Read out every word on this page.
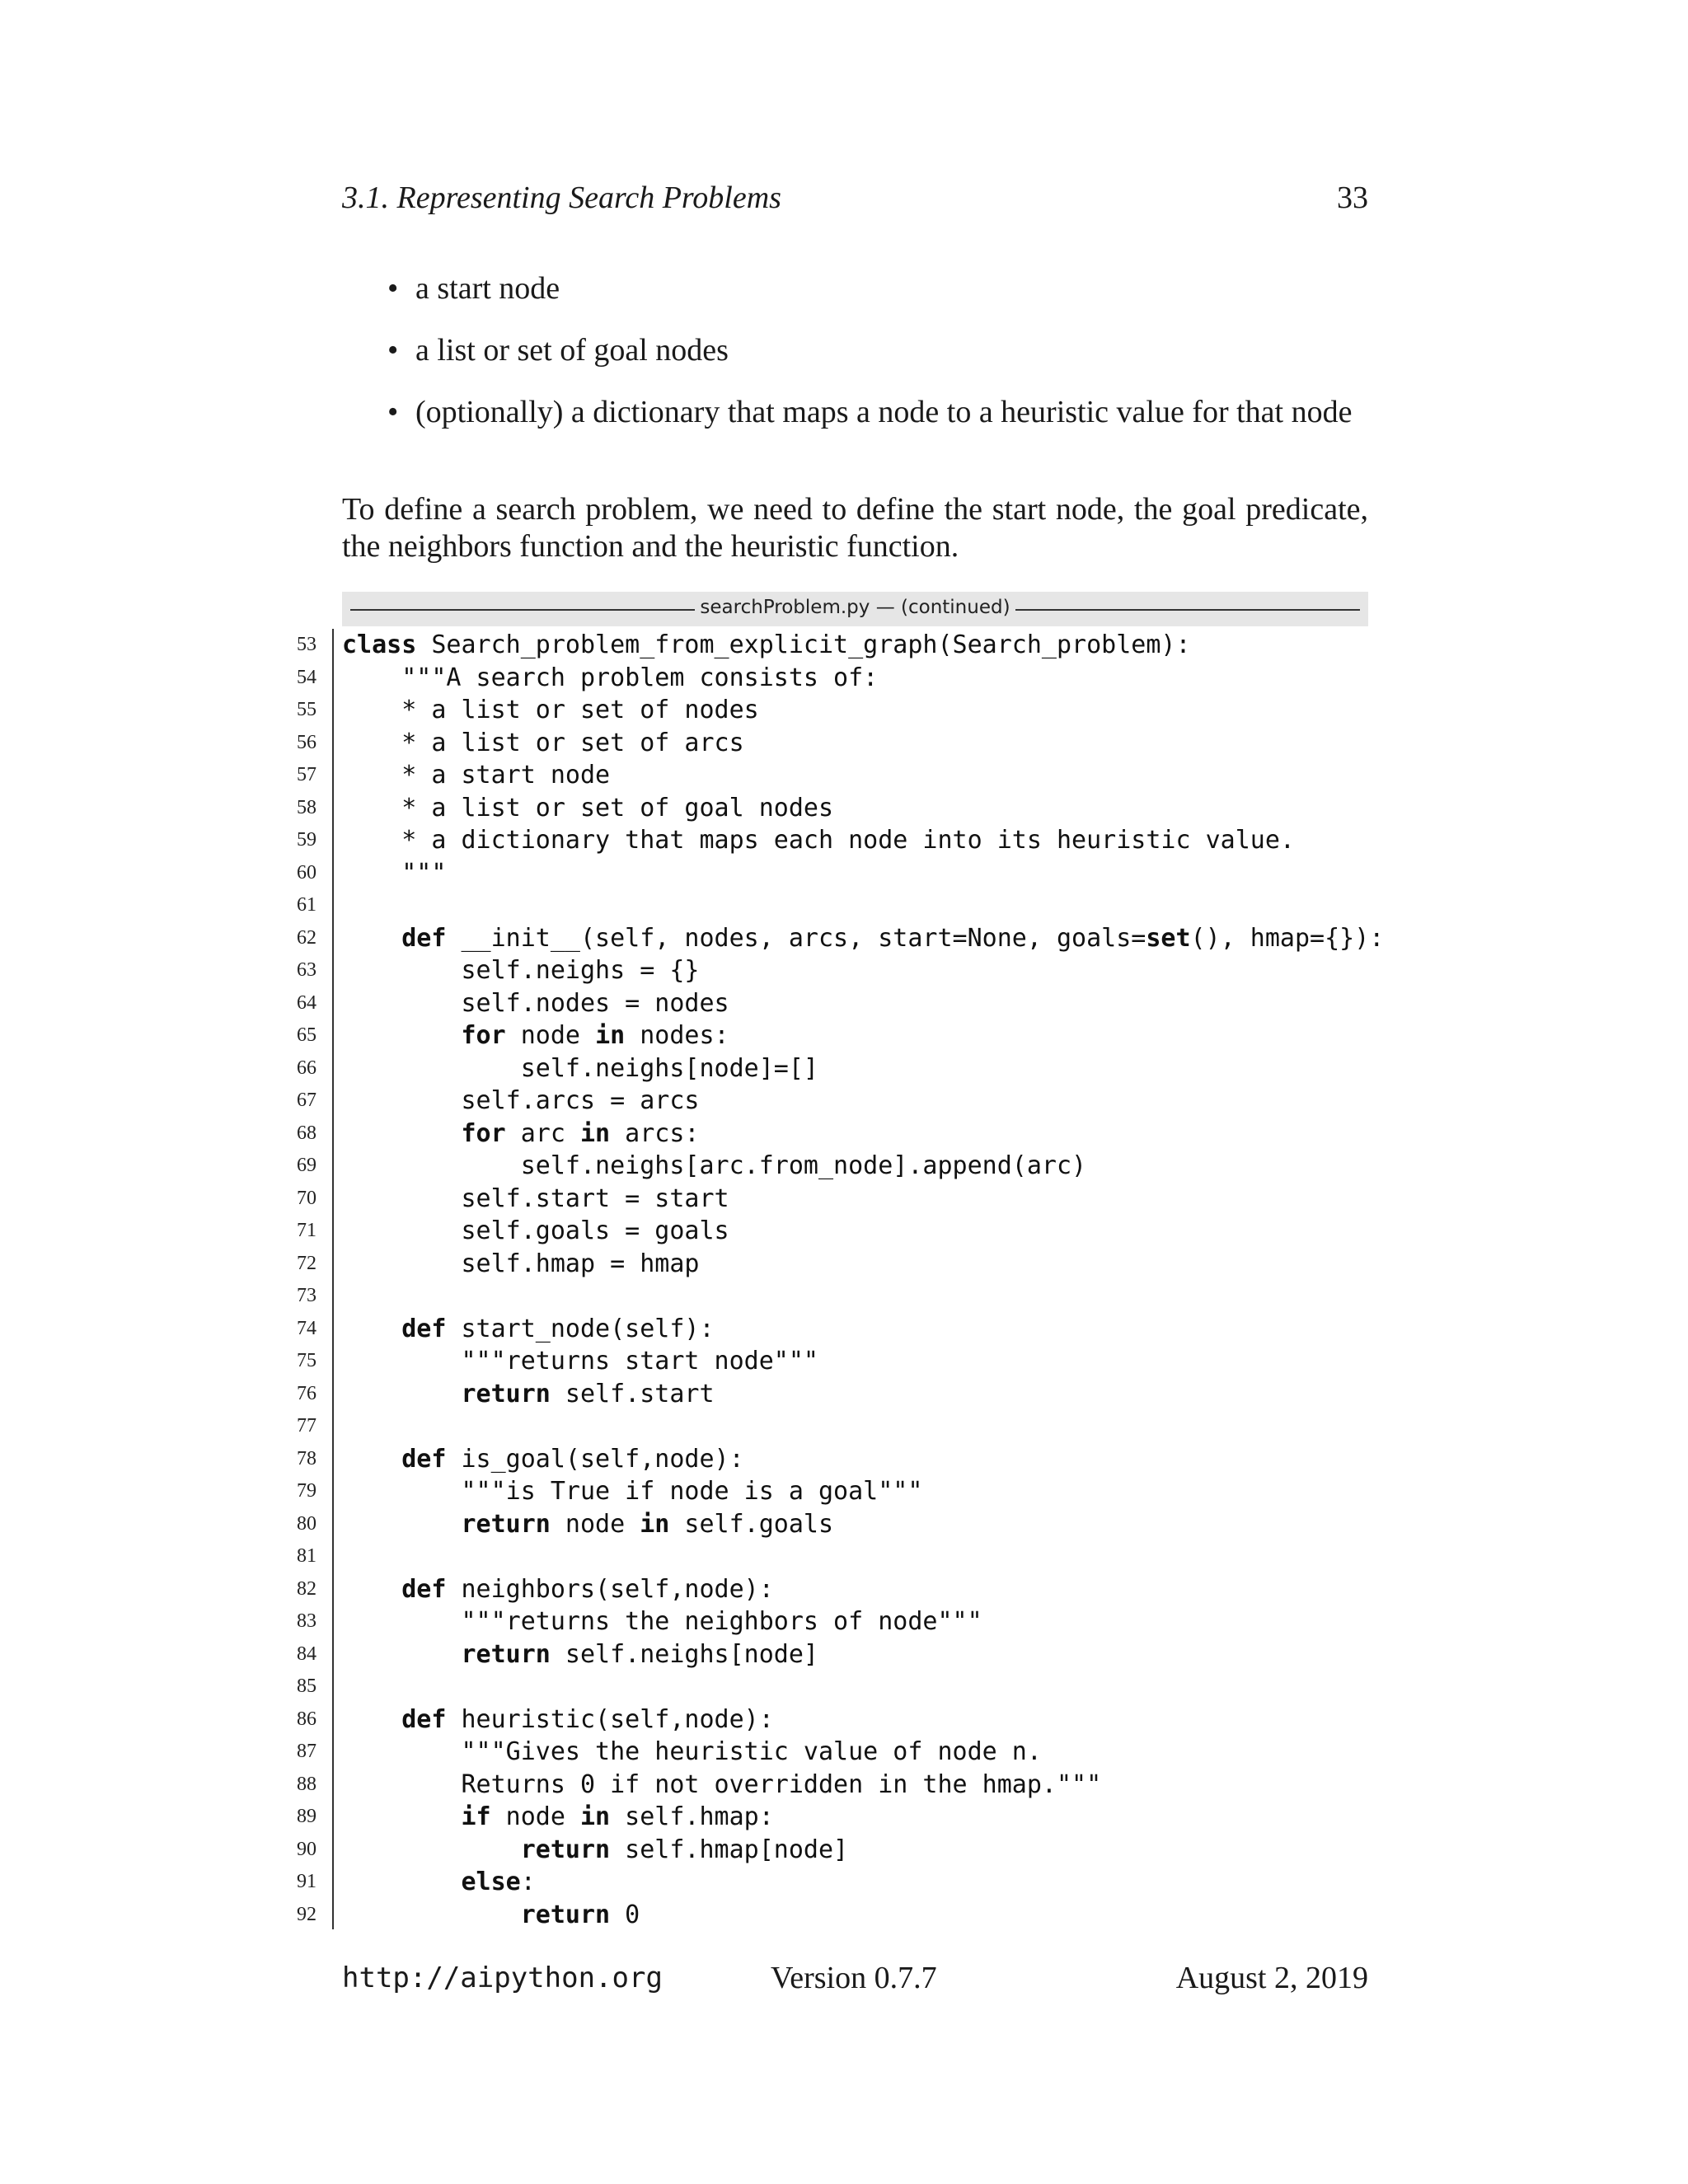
3.1. Representing Search Problems	33
• a start node
• a list or set of goal nodes
• (optionally) a dictionary that maps a node to a heuristic value for that node

To define a search problem, we need to define the start node, the goal predicate, the neighbors function and the heuristic function.

searchProblem.py — (continued)
53 class Search_problem_from_explicit_graph(Search_problem):
54 """A search problem consists of:
55 * a list or set of nodes
56 * a list or set of arcs
57 * a start node
58 * a list or set of goal nodes
59 * a dictionary that maps each node into its heuristic value.
60 """
61
62	def __init__(self, nodes, arcs, start=None, goals=set(), hmap={}):
63 self.neighs = {}
64 self.nodes = nodes
65	for node in nodes:
66 self.neighs[node]=[]
67 self.arcs = arcs
68	for arc in arcs:
69 self.neighs[arc.from_node].append(arc)
70 self.start = start
71 self.goals = goals
72 self.hmap = hmap
73
74	def start_node(self):
75 """returns start node"""
76	return self.start
77
78	def is_goal(self,node):
79 """is True if node is a goal"""
80	return node in self.goals
81
82	def neighbors(self,node):
83 """returns the neighbors of node"""
84	return self.neighs[node]
85
86	def heuristic(self,node):
87 """Gives the heuristic value of node n.
88 Returns 0 if not overridden in the hmap."""
89	if node in self.hmap:
90	return self.hmap[node]
91	else:
92	return 0
http://aipython.org	Version 0.7.7	August 2, 2019
